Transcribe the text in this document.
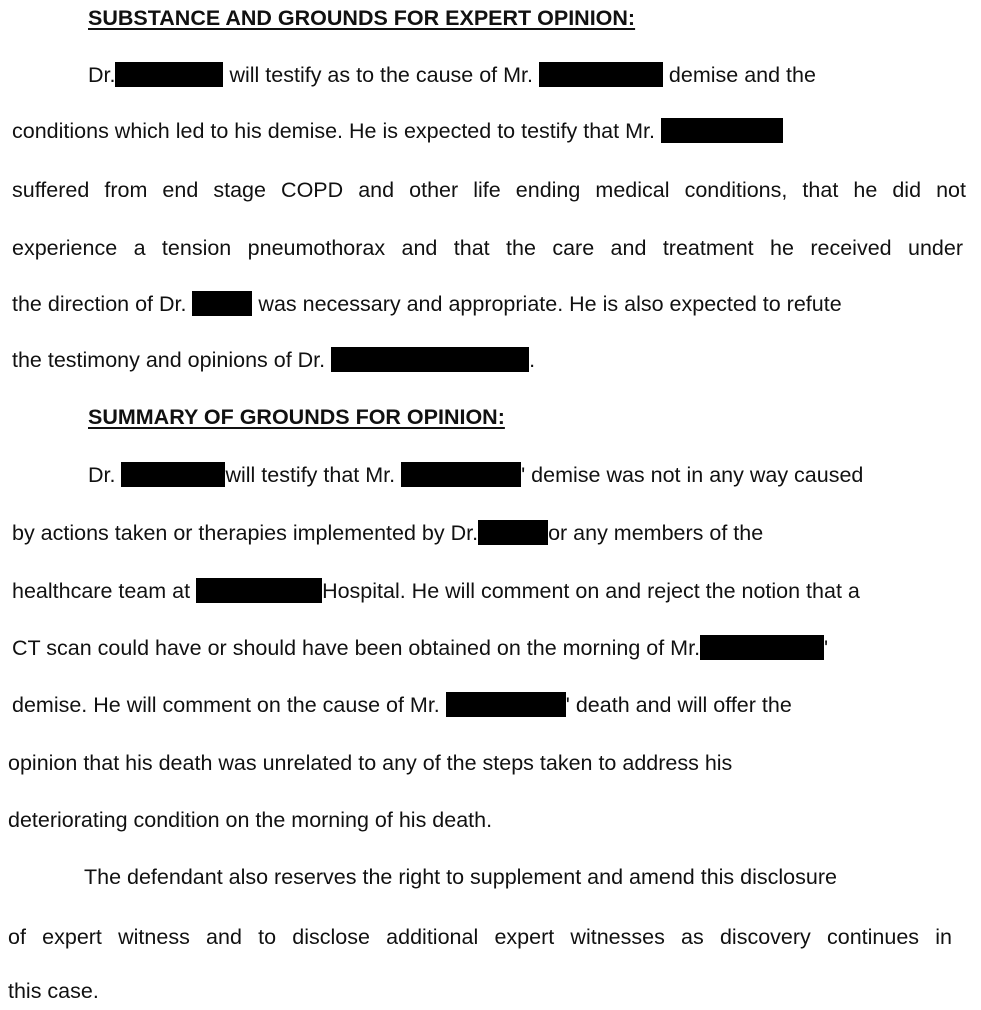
SUBSTANCE AND GROUNDS FOR EXPERT OPINION:
Dr.	will testify as to the cause of Mr.	demise and the
conditions which led to his demise. He is expected to testify that Mr.
suffered from end stage COPD and other life ending medical conditions, that he did not
experience a tension pneumothorax and that the care and treatment he received under
the direction of Dr.	was necessary and appropriate. He is also expected to refute
the testimony and opinions of Dr.	.
SUMMARY OF GROUNDS FOR OPINION:
Dr.	will testify that Mr.	' demise was not in any way caused
by actions taken or therapies implemented by Dr.	or any members of the
healthcare team at	Hospital. He will comment on and reject the notion that a
CT scan could have or should have been obtained on the morning of Mr.	'
demise. He will comment on the cause of Mr.	' death and will offer the
opinion that his death was unrelated to any of the steps taken to address his
deteriorating condition on the morning of his death.
The defendant also reserves the right to supplement and amend this disclosure
of expert witness and to disclose additional expert witnesses as discovery continues in
this case.
